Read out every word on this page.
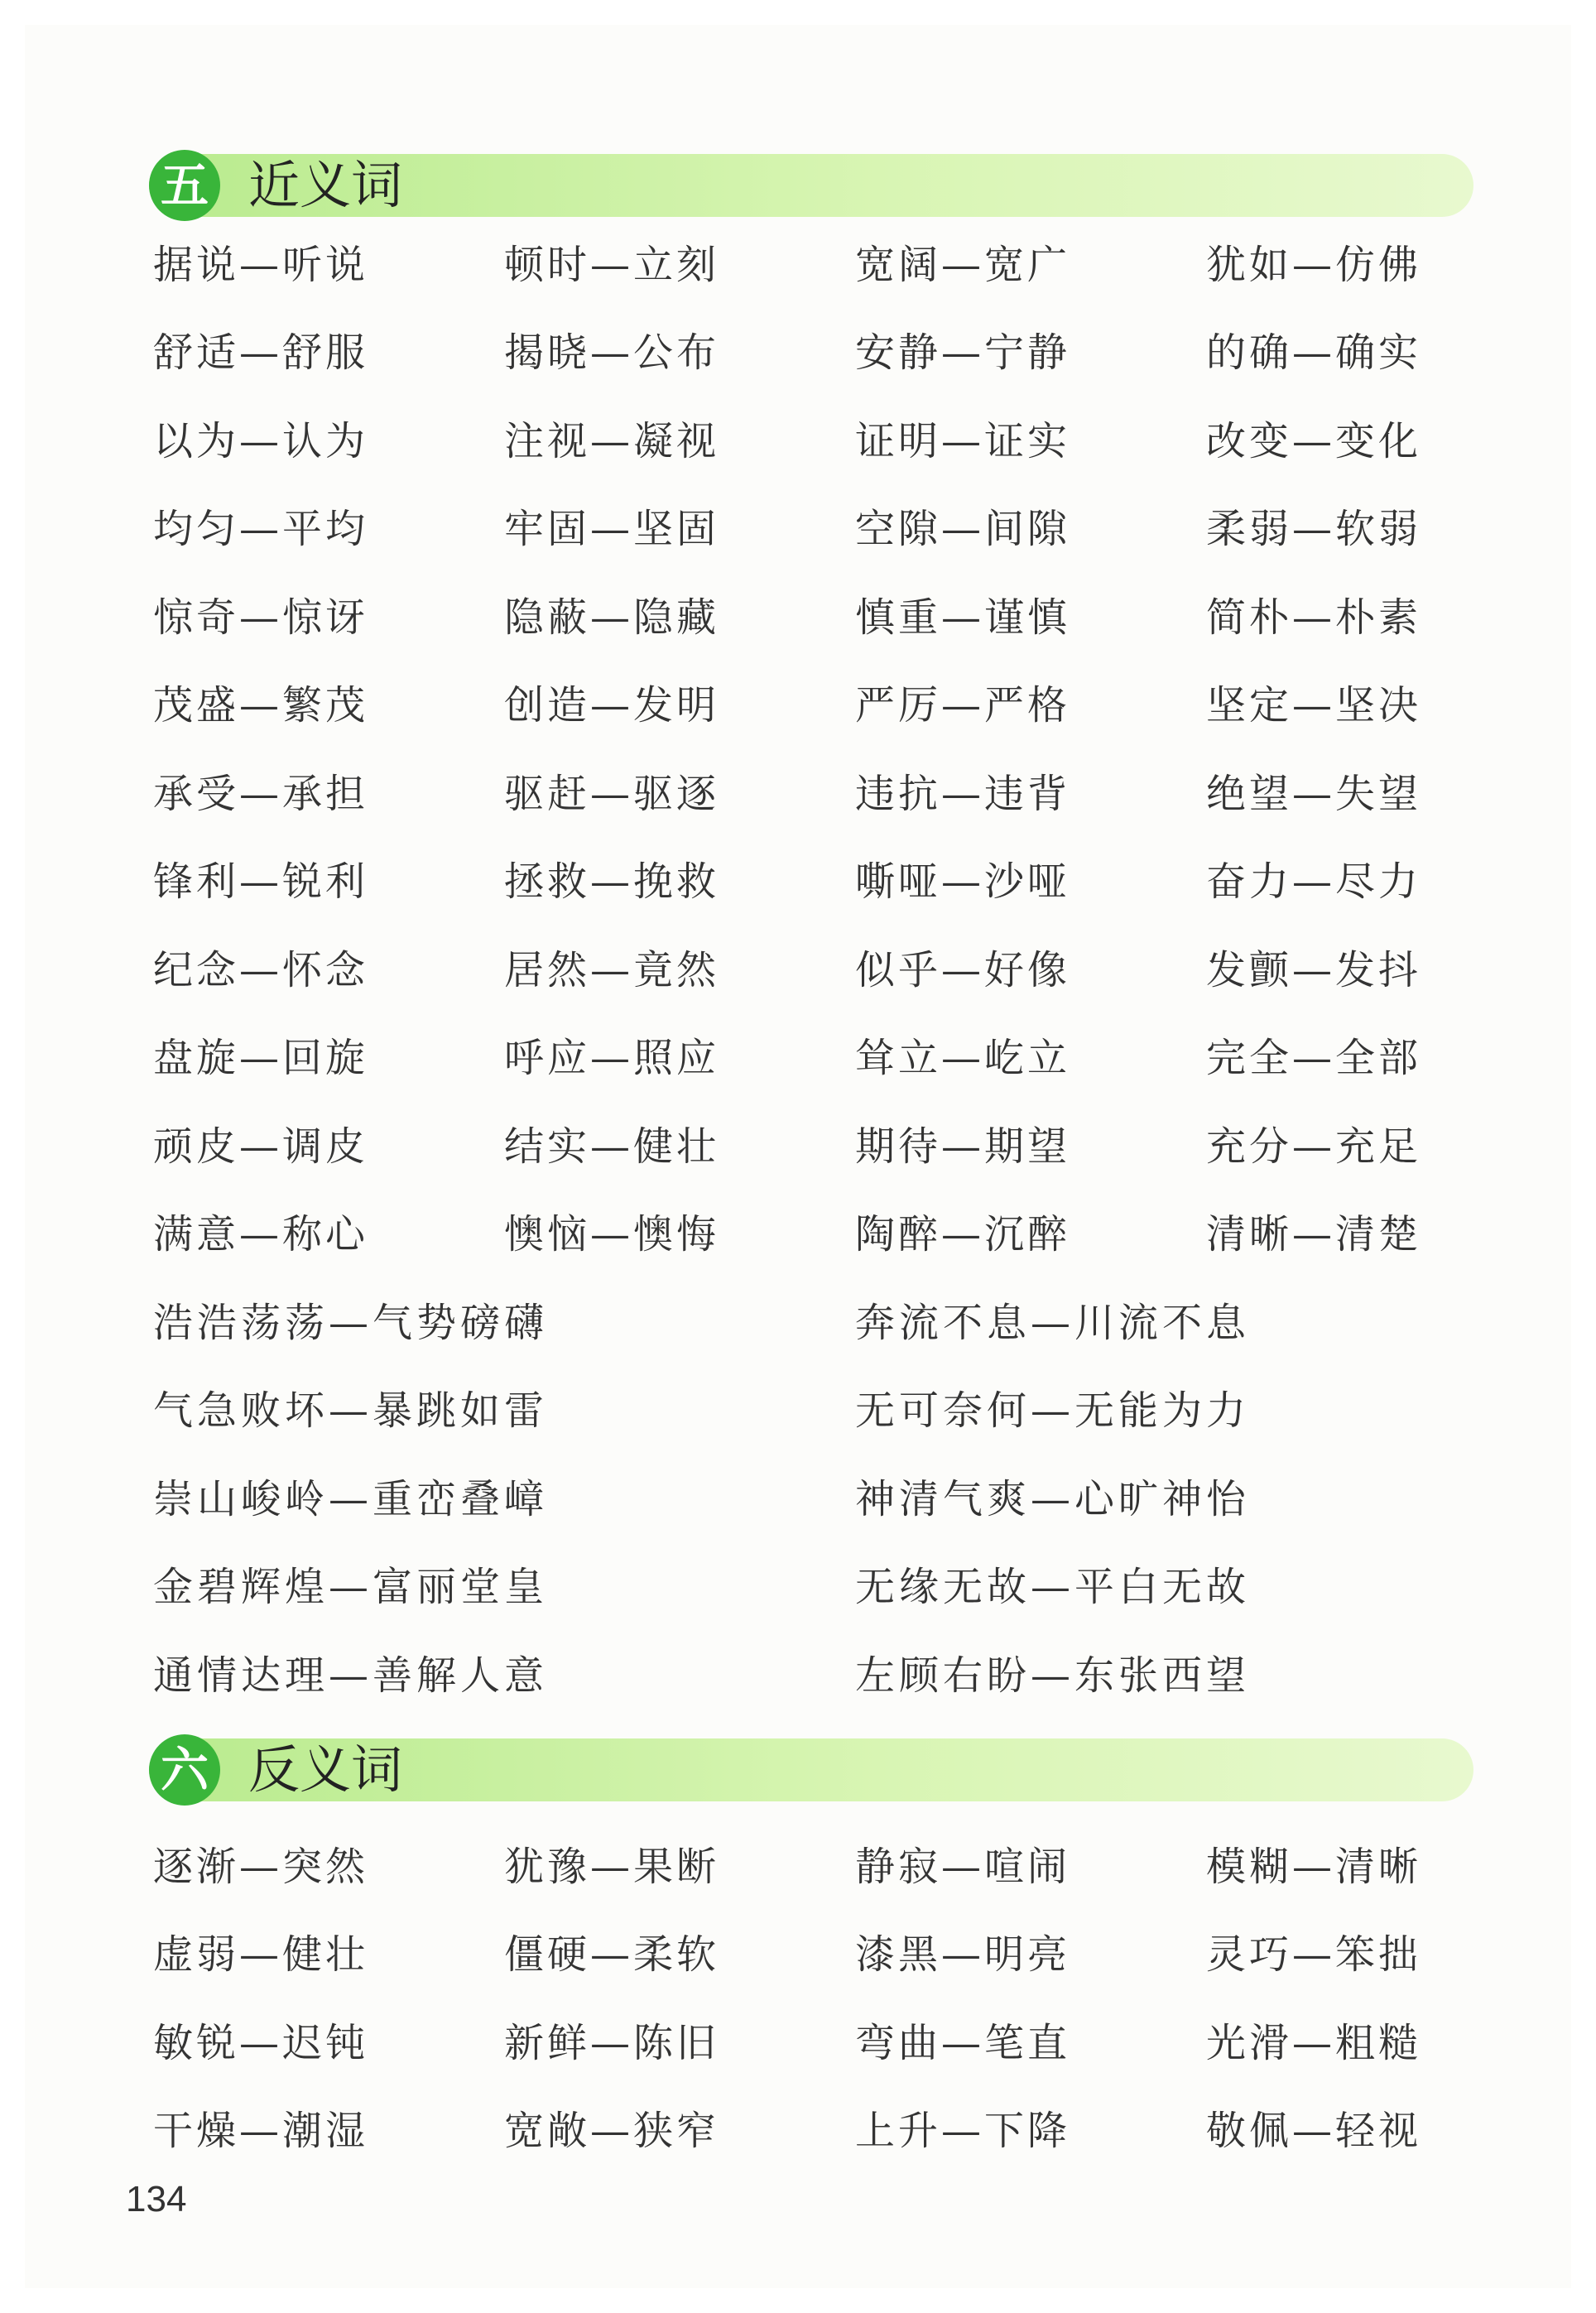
五 近义词
据说—听说	顿时—立刻	宽阔—宽广	犹如—仿佛
舒适—舒服	揭晓—公布	安静—宁静	的确—确实
以为—认为	注视—凝视	证明—证实	改变—变化
均匀—平均	牢固—坚固	空隙—间隙	柔弱—软弱
惊奇—惊讶	隐蔽—隐藏	慎重—谨慎	简朴—朴素
茂盛—繁茂	创造—发明	严厉—严格	坚定—坚决
承受—承担	驱赶—驱逐	违抗—违背	绝望—失望
锋利—锐利	拯救—挽救	嘶哑—沙哑	奋力—尽力
纪念—怀念	居然—竟然	似乎—好像	发颤—发抖
盘旋—回旋	呼应—照应	耸立—屹立	完全—全部
顽皮—调皮	结实—健壮	期待—期望	充分—充足
满意—称心	懊恼—懊悔	陶醉—沉醉	清晰—清楚
浩浩荡荡—气势磅礴	奔流不息—川流不息
气急败坏—暴跳如雷	无可奈何—无能为力
崇山峻岭—重峦叠嶂	神清气爽—心旷神怡
金碧辉煌—富丽堂皇	无缘无故—平白无故
通情达理—善解人意	左顾右盼—东张西望
六 反义词
逐渐—突然	犹豫—果断	静寂—喧闹	模糊—清晰
虚弱—健壮	僵硬—柔软	漆黑—明亮	灵巧—笨拙
敏锐—迟钝	新鲜—陈旧	弯曲—笔直	光滑—粗糙
干燥—潮湿	宽敞—狭窄	上升—下降	敬佩—轻视
134
